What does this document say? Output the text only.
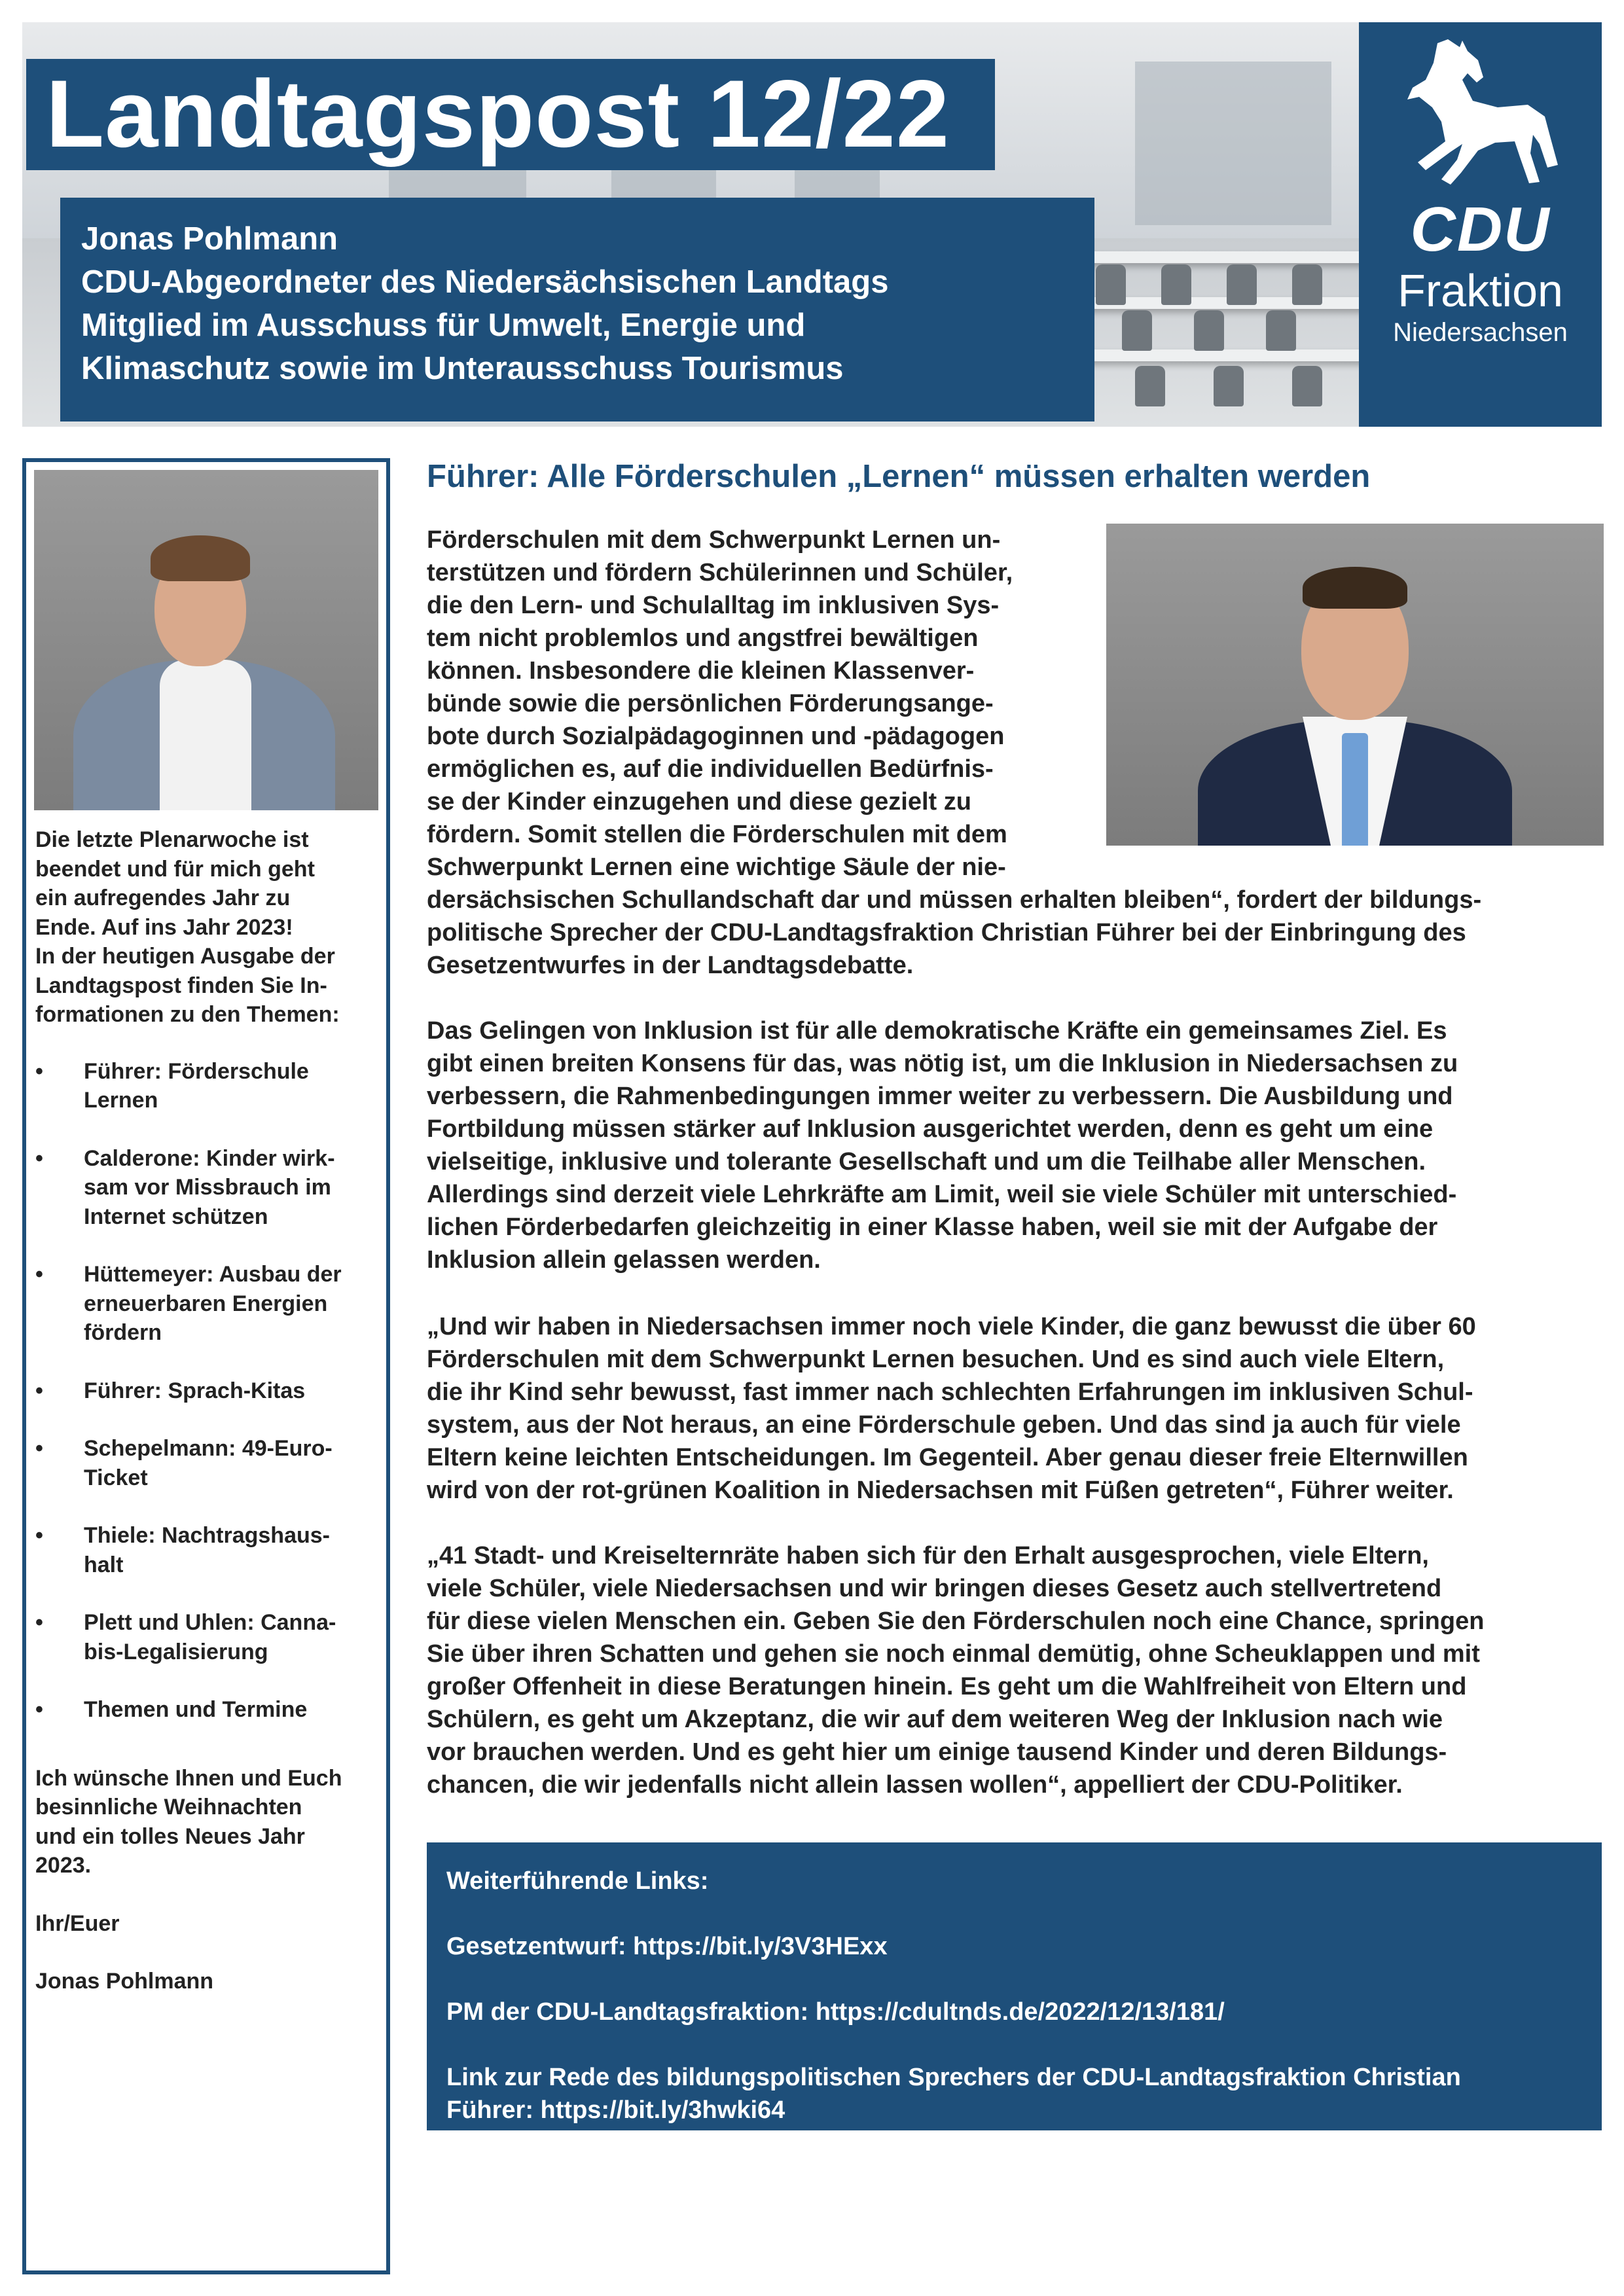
Landtagspost 12/22
Jonas Pohlmann
CDU-Abgeordneter des Niedersächsischen Landtags
Mitglied im Ausschuss für Umwelt, Energie und
Klimaschutz sowie im Unterausschuss Tourismus
CDU
Fraktion
Niedersachsen

Die letzte Plenarwoche ist
beendet und für mich geht
ein aufregendes Jahr zu
Ende. Auf ins Jahr 2023!
In der heutigen Ausgabe der
Landtagspost finden Sie In-
formationen zu den Themen:

• Führer: Förderschule
Lernen
• Calderone: Kinder wirk-
sam vor Missbrauch im
Internet schützen
• Hüttemeyer: Ausbau der
erneuerbaren Energien
fördern
• Führer: Sprach-Kitas
• Schepelmann: 49-Euro-
Ticket
• Thiele: Nachtragshaus-
halt
• Plett und Uhlen: Canna-
bis-Legalisierung
• Themen und Termine

Ich wünsche Ihnen und Euch
besinnliche Weihnachten
und ein tolles Neues Jahr
2023.

Ihr/Euer

Jonas Pohlmann

Führer: Alle Förderschulen „Lernen“ müssen erhalten werden

Förderschulen mit dem Schwerpunkt Lernen un-
terstützen und fördern Schülerinnen und Schüler,
die den Lern- und Schulalltag im inklusiven Sys-
tem nicht problemlos und angstfrei bewältigen
können. Insbesondere die kleinen Klassenver-
bünde sowie die persönlichen Förderungsange-
bote durch Sozialpädagoginnen und -pädagogen
ermöglichen es, auf die individuellen Bedürfnis-
se der Kinder einzugehen und diese gezielt zu
fördern. Somit stellen die Förderschulen mit dem
Schwerpunkt Lernen eine wichtige Säule der nie-
dersächsischen Schullandschaft dar und müssen erhalten bleiben“, fordert der bildungs-
politische Sprecher der CDU-Landtagsfraktion Christian Führer bei der Einbringung des
Gesetzentwurfes in der Landtagsdebatte.

Das Gelingen von Inklusion ist für alle demokratische Kräfte ein gemeinsames Ziel. Es
gibt einen breiten Konsens für das, was nötig ist, um die Inklusion in Niedersachsen zu
verbessern, die Rahmenbedingungen immer weiter zu verbessern. Die Ausbildung und
Fortbildung müssen stärker auf Inklusion ausgerichtet werden, denn es geht um eine
vielseitige, inklusive und tolerante Gesellschaft und um die Teilhabe aller Menschen.
Allerdings sind derzeit viele Lehrkräfte am Limit, weil sie viele Schüler mit unterschied-
lichen Förderbedarfen gleichzeitig in einer Klasse haben, weil sie mit der Aufgabe der
Inklusion allein gelassen werden.

„Und wir haben in Niedersachsen immer noch viele Kinder, die ganz bewusst die über 60
Förderschulen mit dem Schwerpunkt Lernen besuchen. Und es sind auch viele Eltern,
die ihr Kind sehr bewusst, fast immer nach schlechten Erfahrungen im inklusiven Schul-
system, aus der Not heraus, an eine Förderschule geben. Und das sind ja auch für viele
Eltern keine leichten Entscheidungen. Im Gegenteil. Aber genau dieser freie Elternwillen
wird von der rot-grünen Koalition in Niedersachsen mit Füßen getreten“, Führer weiter.

„41 Stadt- und Kreiselternräte haben sich für den Erhalt ausgesprochen, viele Eltern,
viele Schüler, viele Niedersachsen und wir bringen dieses Gesetz auch stellvertretend
für diese vielen Menschen ein. Geben Sie den Förderschulen noch eine Chance, springen
Sie über ihren Schatten und gehen sie noch einmal demütig, ohne Scheuklappen und mit
großer Offenheit in diese Beratungen hinein. Es geht um die Wahlfreiheit von Eltern und
Schülern, es geht um Akzeptanz, die wir auf dem weiteren Weg der Inklusion nach wie
vor brauchen werden. Und es geht hier um einige tausend Kinder und deren Bildungs-
chancen, die wir jedenfalls nicht allein lassen wollen“, appelliert der CDU-Politiker.

Weiterführende Links:

Gesetzentwurf: https://bit.ly/3V3HExx

PM der CDU-Landtagsfraktion: https://cdultnds.de/2022/12/13/181/

Link zur Rede des bildungspolitischen Sprechers der CDU-Landtagsfraktion Christian
Führer: https://bit.ly/3hwki64
